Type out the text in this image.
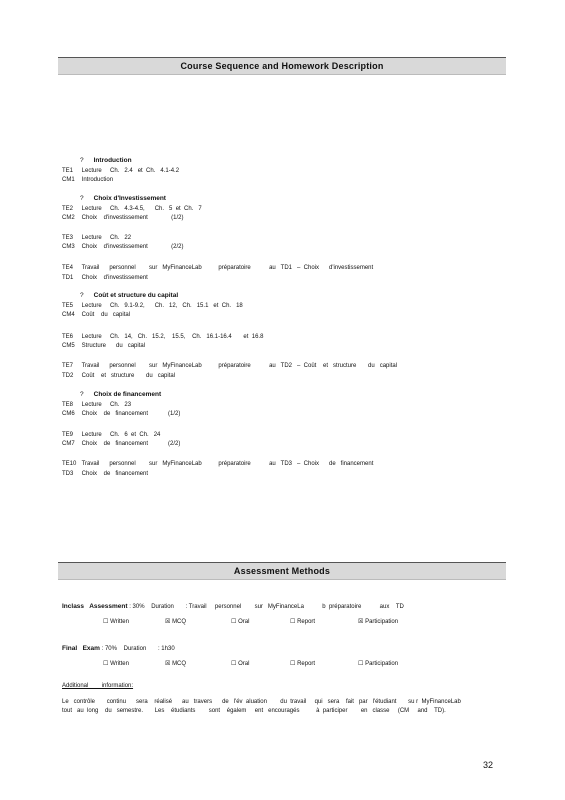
Course Sequence and Homework Description
? Introduction
TE1 Lecture     Ch.   2.4   et  Ch.   4.1-4.2
CM1 Introduction
? Choix d'Investissement
TE2 Lecture     Ch.   4.3-4.5,      Ch.   5  et  Ch.   7
CM2 Choix    d'investissement              (1/2)
TE3 Lecture     Ch.   22
CM3 Choix    d'investissement              (2/2)
TE4 Travail      personnel        sur   MyFinanceLab          préparatoire           au   TD1   –  Choix      d'investissement
TD1 Choix    d'investissement
? Coût et structure du capital
TE5 Lecture     Ch.   9.1-9.2,      Ch.   12,   Ch.   15.1   et  Ch.   18
CM4 Coût    du   capital
TE6 Lecture     Ch.   14,   Ch.   15.2,    15.5,    Ch.   16.1-16.4       et  16.8
CM5 Structure      du   capital
TE7 Travail      personnel        sur   MyFinanceLab          préparatoire           au   TD2   –  Coût    et   structure       du   capital
TD2 Coût    et   structure       du   capital
? Choix de financement
TE8 Lecture     Ch.   23
CM6 Choix    de   financement            (1/2)
TE9 Lecture     Ch.   6  et  Ch.   24
CM7 Choix    de   financement            (2/2)
TE10 Travail      personnel        sur   MyFinanceLab          préparatoire           au   TD3   –  Choix      de   financement
TD3 Choix    de   financement
Assessment Methods
Inclass   Assessment : 30%    Duration       : Travail     personnel        sur   MyFinanceLa           b  préparatoire           aux    TD
☐ Written	☒ MCQ	☐ Oral	☐ Report	☒ Participation
Final   Exam : 70%    Duration       : 1h30
☐ Written	☒ MCQ	☐ Oral	☐ Report	☐ Participation
Additional        information:
Le   contrôle       continu      sera    réalisé      au   travers      de   l'év  aluation        du  travail     qui   sera    fait   par   l'étudiant       su r  MyFinanceLab
tout   au  long    du   semestre.       Les    étudiants        sont    égalem     ent   encouragés          à  participer        en   classe     (CM     and    TD).
32
